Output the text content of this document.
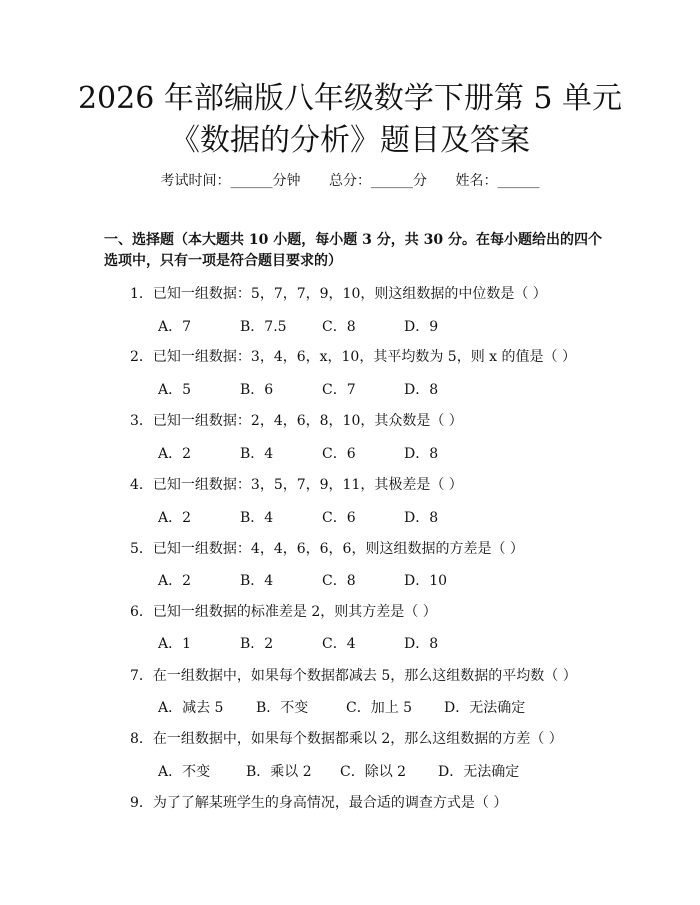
2026 年部编版八年级数学下册第 5 单元《数据的分析》题目及答案
考试时间：______分钟 总分：______分 姓名：______
一、选择题（本大题共 10 小题，每小题 3 分，共 30 分。在每小题给出的四个选项中，只有一项是符合题目要求的）
1．已知一组数据：5，7，7，9，10，则这组数据的中位数是（ ）
A．7	B．7.5	C．8	D．9
2．已知一组数据：3，4，6，x，10，其平均数为 5，则 x 的值是（ ）
A．5	B．6	C．7	D．8
3．已知一组数据：2，4，6，8，10，其众数是（ ）
A．2	B．4	C．6	D．8
4．已知一组数据：3，5，7，9，11，其极差是（ ）
A．2	B．4	C．6	D．8
5．已知一组数据：4，4，6，6，6，则这组数据的方差是（ ）
A．2	B．4	C．8	D．10
6．已知一组数据的标准差是 2，则其方差是（ ）
A．1	B．2	C．4	D．8
7．在一组数据中，如果每个数据都减去 5，那么这组数据的平均数（ ）
A．减去 5 B．不变	C．加上 5 D．无法确定
8．在一组数据中，如果每个数据都乘以 2，那么这组数据的方差（ ）
A．不变	B．乘以 2 C．除以 2 D．无法确定
9．为了了解某班学生的身高情况，最合适的调查方式是（ ）
